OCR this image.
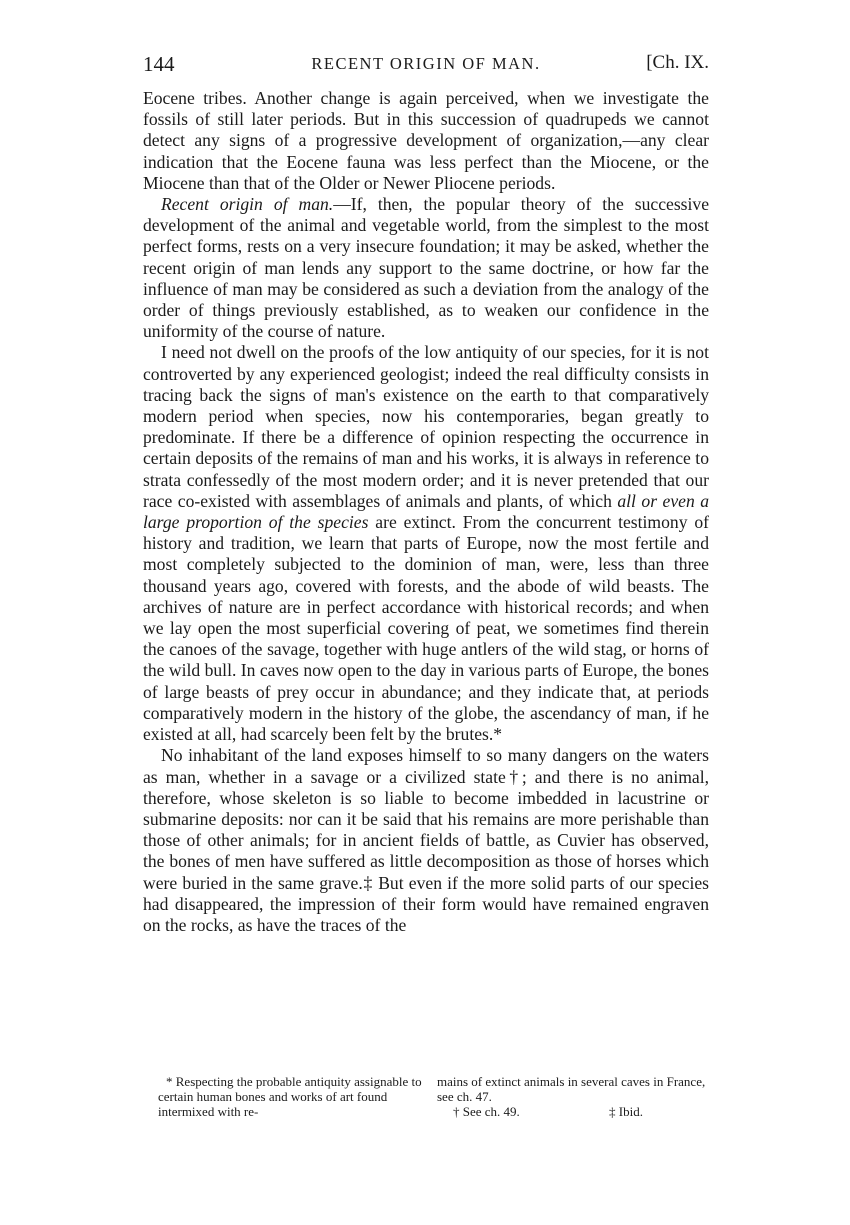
144	RECENT ORIGIN OF MAN.	[Ch. IX.

Eocene tribes. Another change is again perceived, when we investigate the fossils of still later periods. But in this succession of quadrupeds we cannot detect any signs of a progressive development of organization,—any clear indication that the Eocene fauna was less perfect than the Miocene, or the Miocene than that of the Older or Newer Pliocene periods.

Recent origin of man.—If, then, the popular theory of the successive development of the animal and vegetable world, from the simplest to the most perfect forms, rests on a very insecure foundation; it may be asked, whether the recent origin of man lends any support to the same doctrine, or how far the influence of man may be considered as such a deviation from the analogy of the order of things previously established, as to weaken our confidence in the uniformity of the course of nature.

I need not dwell on the proofs of the low antiquity of our species, for it is not controverted by any experienced geologist; indeed the real difficulty consists in tracing back the signs of man's existence on the earth to that comparatively modern period when species, now his contemporaries, began greatly to predominate. If there be a difference of opinion respecting the occurrence in certain deposits of the remains of man and his works, it is always in reference to strata confessedly of the most modern order; and it is never pretended that our race co-existed with assemblages of animals and plants, of which all or even a large proportion of the species are extinct. From the concurrent testimony of history and tradition, we learn that parts of Europe, now the most fertile and most completely subjected to the dominion of man, were, less than three thousand years ago, covered with forests, and the abode of wild beasts. The archives of nature are in perfect accordance with historical records; and when we lay open the most superficial covering of peat, we sometimes find therein the canoes of the savage, together with huge antlers of the wild stag, or horns of the wild bull. In caves now open to the day in various parts of Europe, the bones of large beasts of prey occur in abundance; and they indicate that, at periods comparatively modern in the history of the globe, the ascendancy of man, if he existed at all, had scarcely been felt by the brutes.*

No inhabitant of the land exposes himself to so many dangers on the waters as man, whether in a savage or a civilized state†; and there is no animal, therefore, whose skeleton is so liable to become imbedded in lacustrine or submarine deposits: nor can it be said that his remains are more perishable than those of other animals; for in ancient fields of battle, as Cuvier has observed, the bones of men have suffered as little decomposition as those of horses which were buried in the same grave.‡ But even if the more solid parts of our species had disappeared, the impression of their form would have remained engraven on the rocks, as have the traces of the

* Respecting the probable antiquity assignable to certain human bones and works of art found intermixed with re-

mains of extinct animals in several caves in France, see ch. 47.

† See ch. 49.	‡ Ibid.
